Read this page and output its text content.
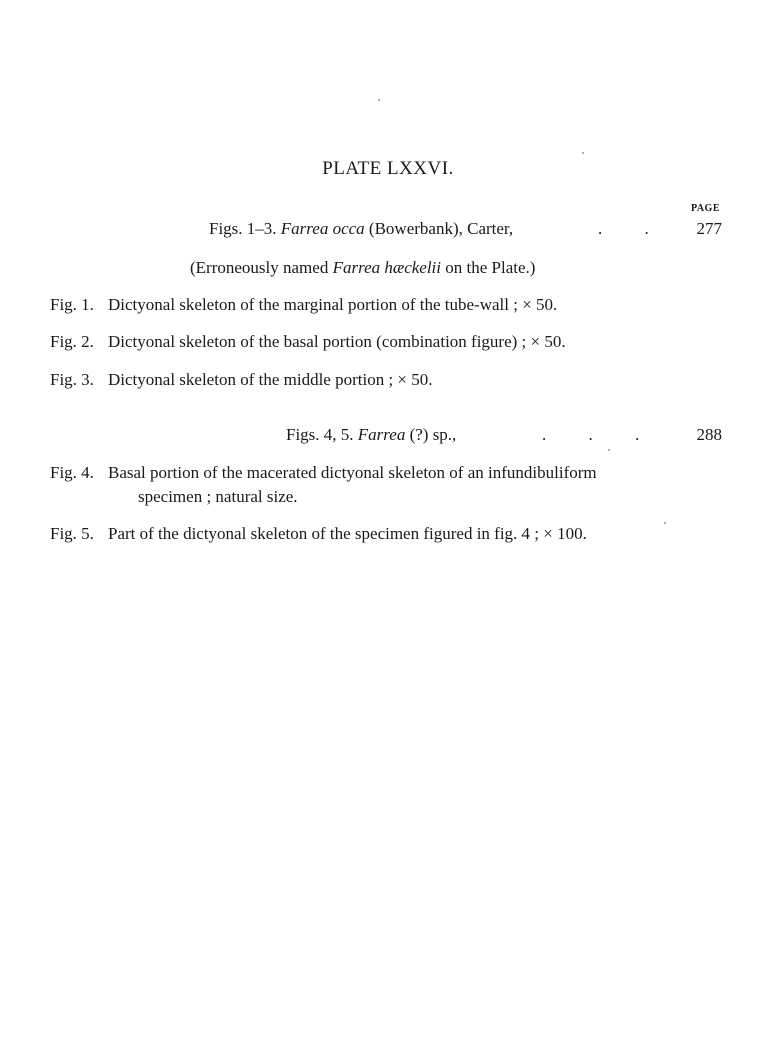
PLATE LXXVI.
PAGE
Figs. 1–3. Farrea occa (Bowerbank), Carter,	. .	277
(Erroneously named Farrea hæckelii on the Plate.)
Fig. 1. Dictyonal skeleton of the marginal portion of the tube-wall ; × 50.
Fig. 2. Dictyonal skeleton of the basal portion (combination figure) ; × 50.
Fig. 3. Dictyonal skeleton of the middle portion ; × 50.
Figs. 4, 5. Farrea (?) sp.,	. . .	288
Fig. 4. Basal portion of the macerated dictyonal skeleton of an infundibuliform
specimen ; natural size.
Fig. 5. Part of the dictyonal skeleton of the specimen figured in fig. 4 ; × 100.
